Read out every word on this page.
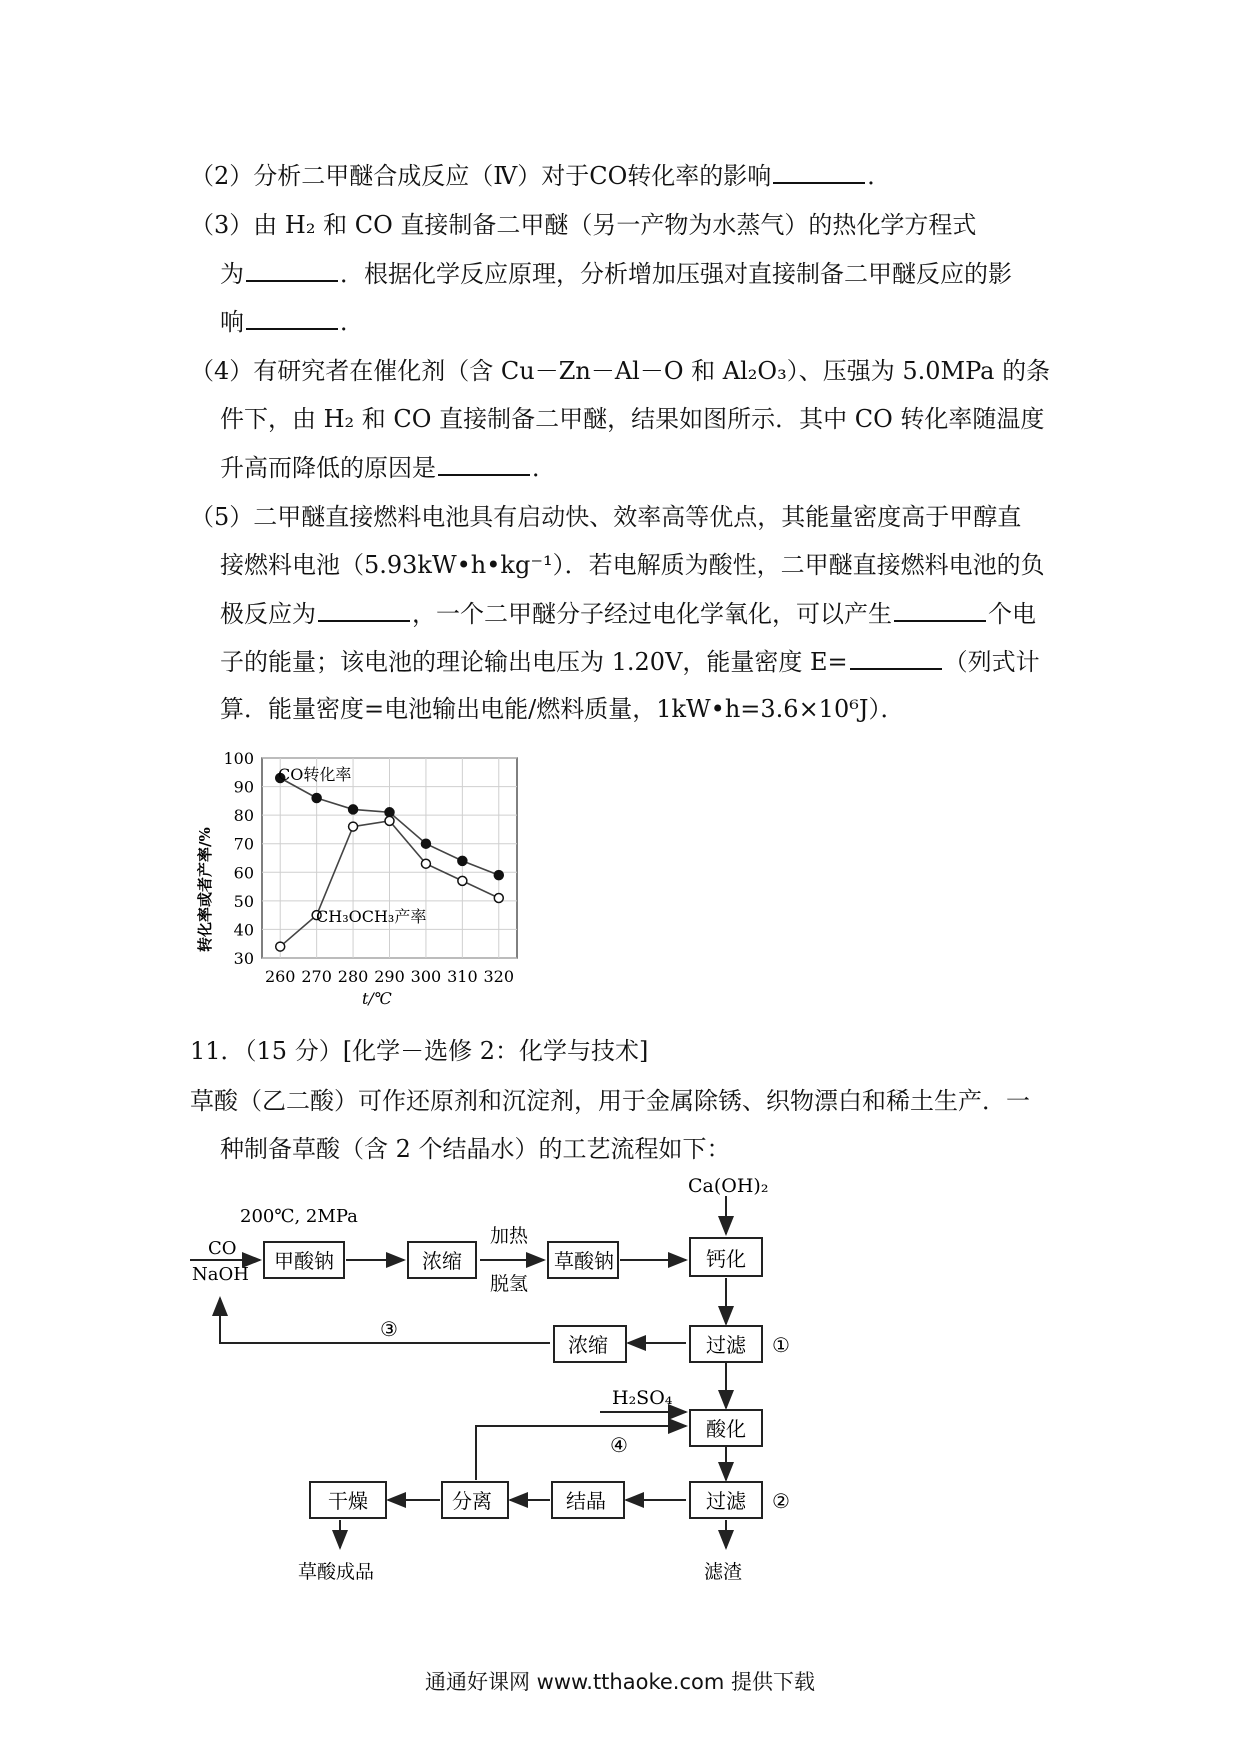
（2）分析二甲醚合成反应（Ⅳ）对于CO转化率的影响	．
（3）由 H₂ 和 CO 直接制备二甲醚（另一产物为水蒸气）的热化学方程式
为	．根据化学反应原理，分析增加压强对直接制备二甲醚反应的影
响	．
（4）有研究者在催化剂（含 Cu－Zn－Al－O 和 Al₂O₃）、压强为 5.0MPa 的条
件下，由 H₂ 和 CO 直接制备二甲醚，结果如图所示．其中 CO 转化率随温度
升高而降低的原因是	．
（5）二甲醚直接燃料电池具有启动快、效率高等优点，其能量密度高于甲醇直
接燃料电池（5.93kW•h•kg⁻¹）．若电解质为酸性，二甲醚直接燃料电池的负
极反应为	，一个二甲醚分子经过电化学氧化，可以产生	个电
子的能量；该电池的理论输出电压为 1.20V，能量密度 E=	（列式计
算．能量密度=电池输出电能/燃料质量，1kW•h=3.6×10⁶J）．
30
40
50
60
70
80
90
100
260 270 280 290 300 310 320
CO转化率
CH₃OCH₃产率
转化率或者产率/%
t/℃
11．（15 分）[化学－选修 2：化学与技术]
草酸（乙二酸）可作还原剂和沉淀剂，用于金属除锈、织物漂白和稀土生产．一
种制备草酸（含 2 个结晶水）的工艺流程如下：
200℃, 2MPa
CO
NaOH
甲酸钠	浓缩
加热
脱氢
草酸钠
Ca(OH)₂
钙化
过滤 ①
浓缩
③
H₂SO₄
酸化
④
过滤 ②
滤渣
结晶
分离
干燥
草酸成品
通通好课网 www.tthaoke.com 提供下载
